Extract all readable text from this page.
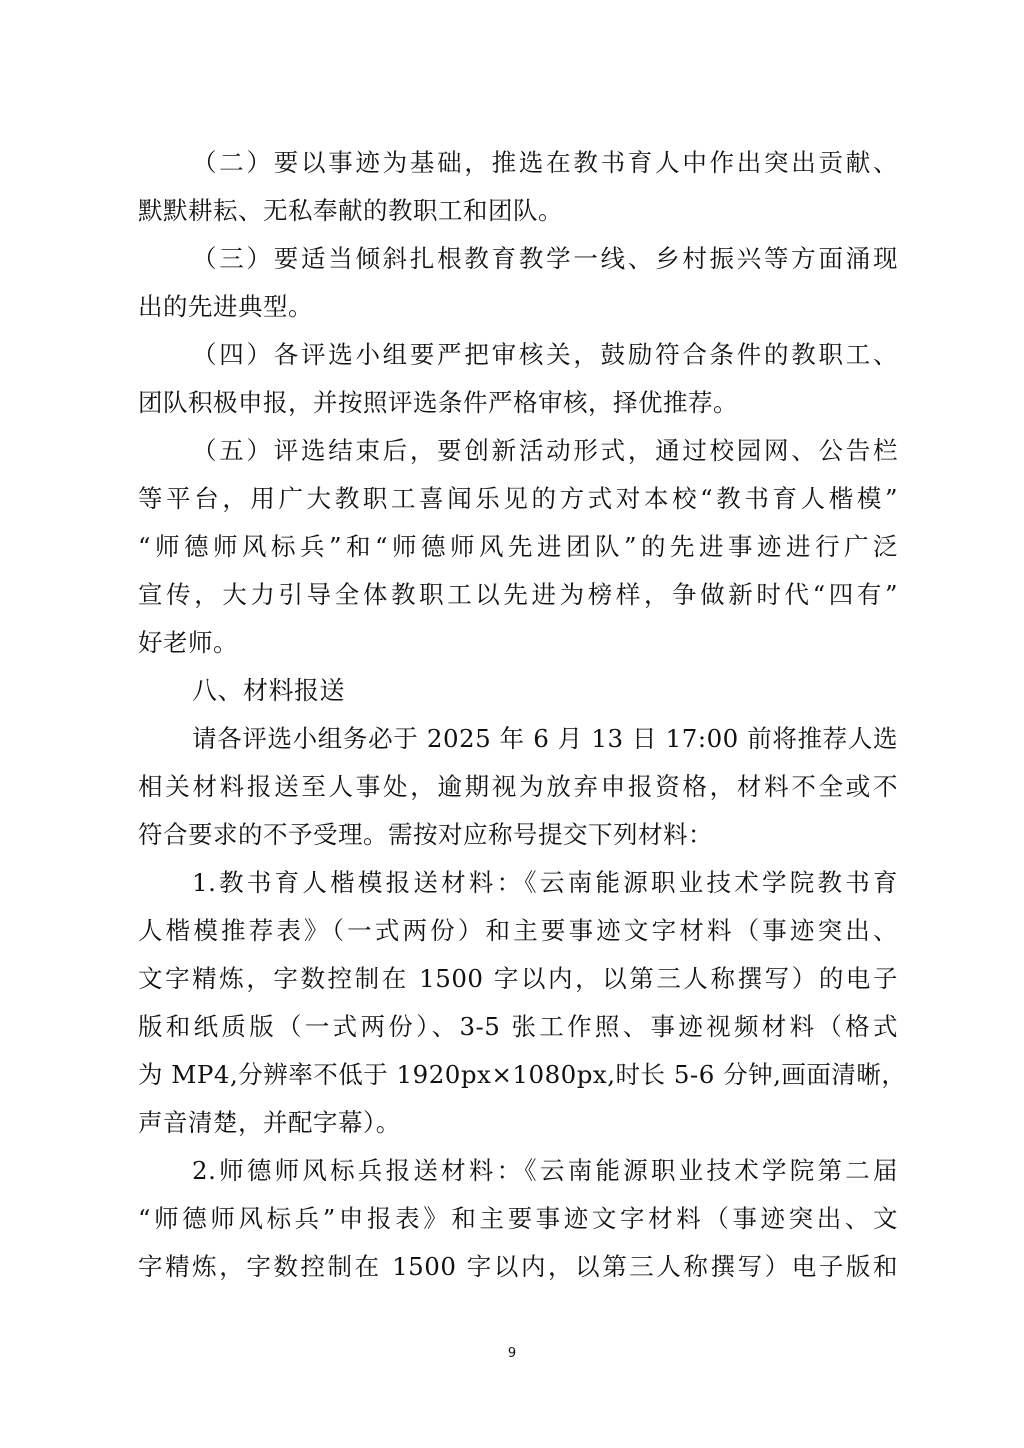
（二）要以事迹为基础，推选在教书育人中作出突出贡献、
默默耕耘、无私奉献的教职工和团队。
（三）要适当倾斜扎根教育教学一线、乡村振兴等方面涌现
出的先进典型。
（四）各评选小组要严把审核关，鼓励符合条件的教职工、
团队积极申报，并按照评选条件严格审核，择优推荐。
（五）评选结束后，要创新活动形式，通过校园网、公告栏
等平台，用广大教职工喜闻乐见的方式对本校“教书育人楷模”
“师德师风标兵”和“师德师风先进团队”的先进事迹进行广泛
宣传，大力引导全体教职工以先进为榜样，争做新时代“四有”
好老师。
八、材料报送
请各评选小组务必于 2025 年 6 月 13 日 17:00 前将推荐人选
相关材料报送至人事处，逾期视为放弃申报资格，材料不全或不
符合要求的不予受理。需按对应称号提交下列材料：
1.教书育人楷模报送材料：《云南能源职业技术学院教书育
人楷模推荐表》（一式两份）和主要事迹文字材料（事迹突出、
文字精炼，字数控制在 1500 字以内，以第三人称撰写）的电子
版和纸质版（一式两份）、3-5 张工作照、事迹视频材料（格式
为 MP4,分辨率不低于 1920px×1080px,时长 5-6 分钟,画面清晰，
声音清楚，并配字幕）。
2.师德师风标兵报送材料：《云南能源职业技术学院第二届
“师德师风标兵”申报表》和主要事迹文字材料（事迹突出、文
字精炼，字数控制在 1500 字以内，以第三人称撰写）电子版和
9
